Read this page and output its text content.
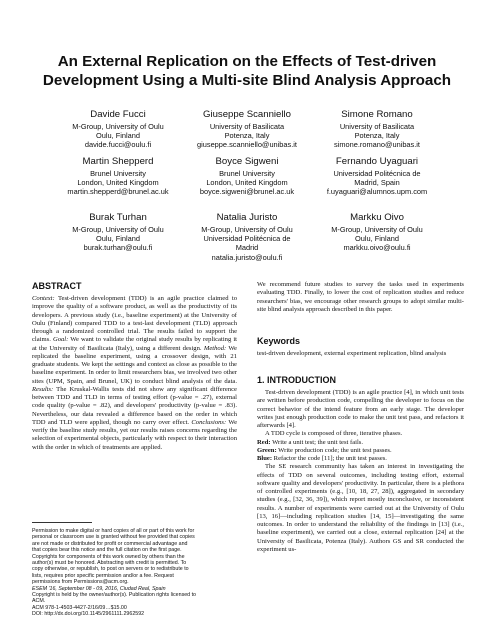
An External Replication on the Effects of Test-driven
Development Using a Multi-site Blind Analysis Approach
Davide Fucci
M-Group, University of Oulu
Oulu, Finland
davide.fucci@oulu.fi
Giuseppe Scanniello
University of Basilicata
Potenza, Italy
giuseppe.scanniello@unibas.it
Simone Romano
University of Basilicata
Potenza, Italy
simone.romano@unibas.it
Martin Shepperd
Brunel University
London, United Kingdom
martin.shepperd@brunel.ac.uk
Boyce Sigweni
Brunel University
London, United Kingdom
boyce.sigweni@brunel.ac.uk
Fernando Uyaguari
Universidad Politécnica de
Madrid, Spain
f.uyaguari@alumnos.upm.com
Burak Turhan
M-Group, University of Oulu
Oulu, Finland
burak.turhan@oulu.fi
Natalia Juristo
M-Group, University of Oulu
Universidad Politécnica de
Madrid
natalia.juristo@oulu.fi
Markku Oivo
M-Group, University of Oulu
Oulu, Finland
markku.oivo@oulu.fi
ABSTRACT

Context: Test-driven development (TDD) is an agile practice claimed to improve the quality of a software product, as well as the productivity of its developers. A previous study (i.e., baseline experiment) at the University of Oulu (Finland) compared TDD to a test-last development (TLD) approach through a randomized controlled trial. The results failed to support the claims. Goal: We want to validate the original study results by replicating it at the University of Basilicata (Italy), using a different design. Method: We replicated the baseline experiment, using a crossover design, with 21 graduate students. We kept the settings and context as close as possible to the baseline experiment. In order to limit researchers bias, we involved two other sites (UPM, Spain, and Brunel, UK) to conduct blind analysis of the data. Results: The Kruskal-Wallis tests did not show any significant difference between TDD and TLD in terms of testing effort (p-value = .27), external code quality (p-value = .82), and developers' productivity (p-value = .83). Nevertheless, our data revealed a difference based on the order in which TDD and TLD were applied, though no carry over effect. Conclusions: We verify the baseline study results, yet our results raises concerns regarding the selection of experimental objects, particularly with respect to their interaction with the order in which of treatments are applied.

Permission to make digital or hard copies of all or part of this work for
personal or classroom use is granted without fee provided that copies
are not made or distributed for profit or commercial advantage and
that copies bear this notice and the full citation on the first page.
Copyrights for components of this work owned by others than the
author(s) must be honored. Abstracting with credit is permitted. To
copy otherwise, or republish, to post on servers or to redistribute to
lists, requires prior specific permission and/or a fee. Request
permissions from Permissions@acm.org.
ESEM '16, September 08 - 09, 2016, Ciudad Real, Spain
Copyright is held by the owner/author(s). Publication rights licensed to
ACM.
ACM 978-1-4503-4427-2/16/09…$15.00
DOI: http://dx.doi.org/10.1145/2961111.2962592

We recommend future studies to survey the tasks used in experiments evaluating TDD. Finally, to lower the cost of replication studies and reduce researchers' bias, we encourage other research groups to adopt similar multi-site blind analysis approach described in this paper.

Keywords

test-driven development, external experiment replication, blind analysis

1. INTRODUCTION

Test-driven development (TDD) is an agile practice [4], in which unit tests are written before production code, compelling the developer to focus on the correct behavior of the intend feature from an early stage. The developer writes just enough production code to make the unit test pass, and refactors it afterwards [4].

A TDD cycle is composed of three, iterative phases.

Red: Write a unit test; the unit test fails.

Green: Write production code; the unit test passes.

Blue: Refactor the code [11]; the unit test passes.

The SE research community has taken an interest in investigating the effects of TDD on several outcomes, including testing effort, external software quality and developers' productivity. In particular, there is a plethora of controlled experiments (e.g., [10, 18, 27, 28]), aggregated in secondary studies (e.g., [32, 36, 39]), which report mostly inconclusive, or inconsistent results. A number of experiments were carried out at the University of Oulu [13, 16]—including replication studies [14, 15]—investigating the same outcomes. In order to understand the reliability of the findings in [13] (i.e., baseline experiment), we carried out a close, external replication [24] at the University of Basilicata, Potenza (Italy). Authors GS and SR conducted the experiment us-
